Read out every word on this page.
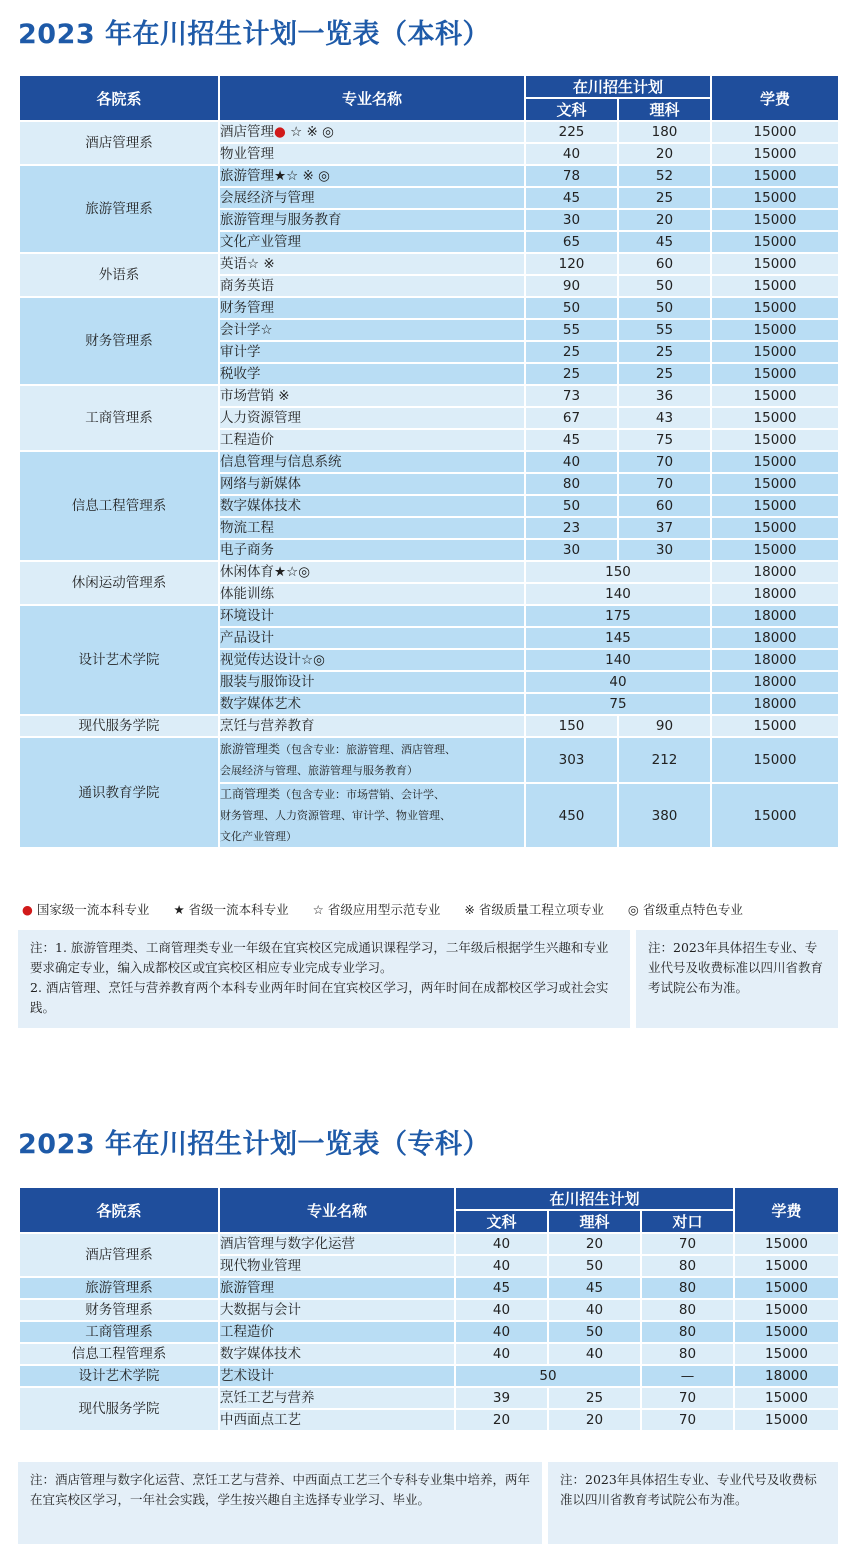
2023 年在川招生计划一览表（本科）
各院系	专业名称	在川招生计划		学费
		文科	理科	
酒店管理系	酒店管理● ☆ ※ ◎	225	180	15000
	物业管理	40	20	15000
旅游管理系	旅游管理★☆ ※ ◎	78	52	15000
	会展经济与管理	45	25	15000
	旅游管理与服务教育	30	20	15000
	文化产业管理	65	45	15000
外语系	英语☆ ※	120	60	15000
	商务英语	90	50	15000
财务管理系	财务管理	50	50	15000
	会计学☆	55	55	15000
	审计学	25	25	15000
	税收学	25	25	15000
工商管理系	市场营销 ※	73	36	15000
	人力资源管理	67	43	15000
	工程造价	45	75	15000
信息工程管理系	信息管理与信息系统	40	70	15000
	网络与新媒体	80	70	15000
	数字媒体技术	50	60	15000
	物流工程	23	37	15000
	电子商务	30	30	15000
休闲运动管理系	休闲体育★☆◎	150		18000
	体能训练	140		18000
设计艺术学院	环境设计	175		18000
	产品设计	145		18000
	视觉传达设计☆◎	140		18000
	服装与服饰设计	40		18000
	数字媒体艺术	75		18000
现代服务学院	烹饪与营养教育	150	90	15000
通识教育学院	旅游管理类（包含专业：旅游管理、酒店管理、
会展经济与管理、旅游管理与服务教育）	303	212	15000
	工商管理类（包含专业：市场营销、会计学、
财务管理、人力资源管理、审计学、物业管理、
文化产业管理）	450	380	15000
● 国家级一流本科专业 ★ 省级一流本科专业 ☆ 省级应用型示范专业 ※ 省级质量工程立项专业 ◎ 省级重点特色专业

注：1. 旅游管理类、工商管理类专业一年级在宜宾校区完成通识课程学习，二年级后根据学生兴趣和专业要求确定专业，编入成都校区或宜宾校区相应专业完成专业学习。

2. 酒店管理、烹饪与营养教育两个本科专业两年时间在宜宾校区学习，两年时间在成都校区学习或社会实践。

注：2023年具体招生专业、专业代号及收费标准以四川省教育考试院公布为准。

2023 年在川招生计划一览表（专科）
各院系	专业名称	在川招生计划			学费
		文科	理科	对口	
酒店管理系	酒店管理与数字化运营	40	20	70	15000
	现代物业管理	40	50	80	15000
旅游管理系	旅游管理	45	45	80	15000
财务管理系	大数据与会计	40	40	80	15000
工商管理系	工程造价	40	50	80	15000
信息工程管理系	数字媒体技术	40	40	80	15000
设计艺术学院	艺术设计	50		—	18000
现代服务学院	烹饪工艺与营养	39	25	70	15000
	中西面点工艺	20	20	70	15000

注：酒店管理与数字化运营、烹饪工艺与营养、中西面点工艺三个专科专业集中培养，两年在宜宾校区学习，一年社会实践，学生按兴趣自主选择专业学习、毕业。

注：2023年具体招生专业、专业代号及收费标准以四川省教育考试院公布为准。
